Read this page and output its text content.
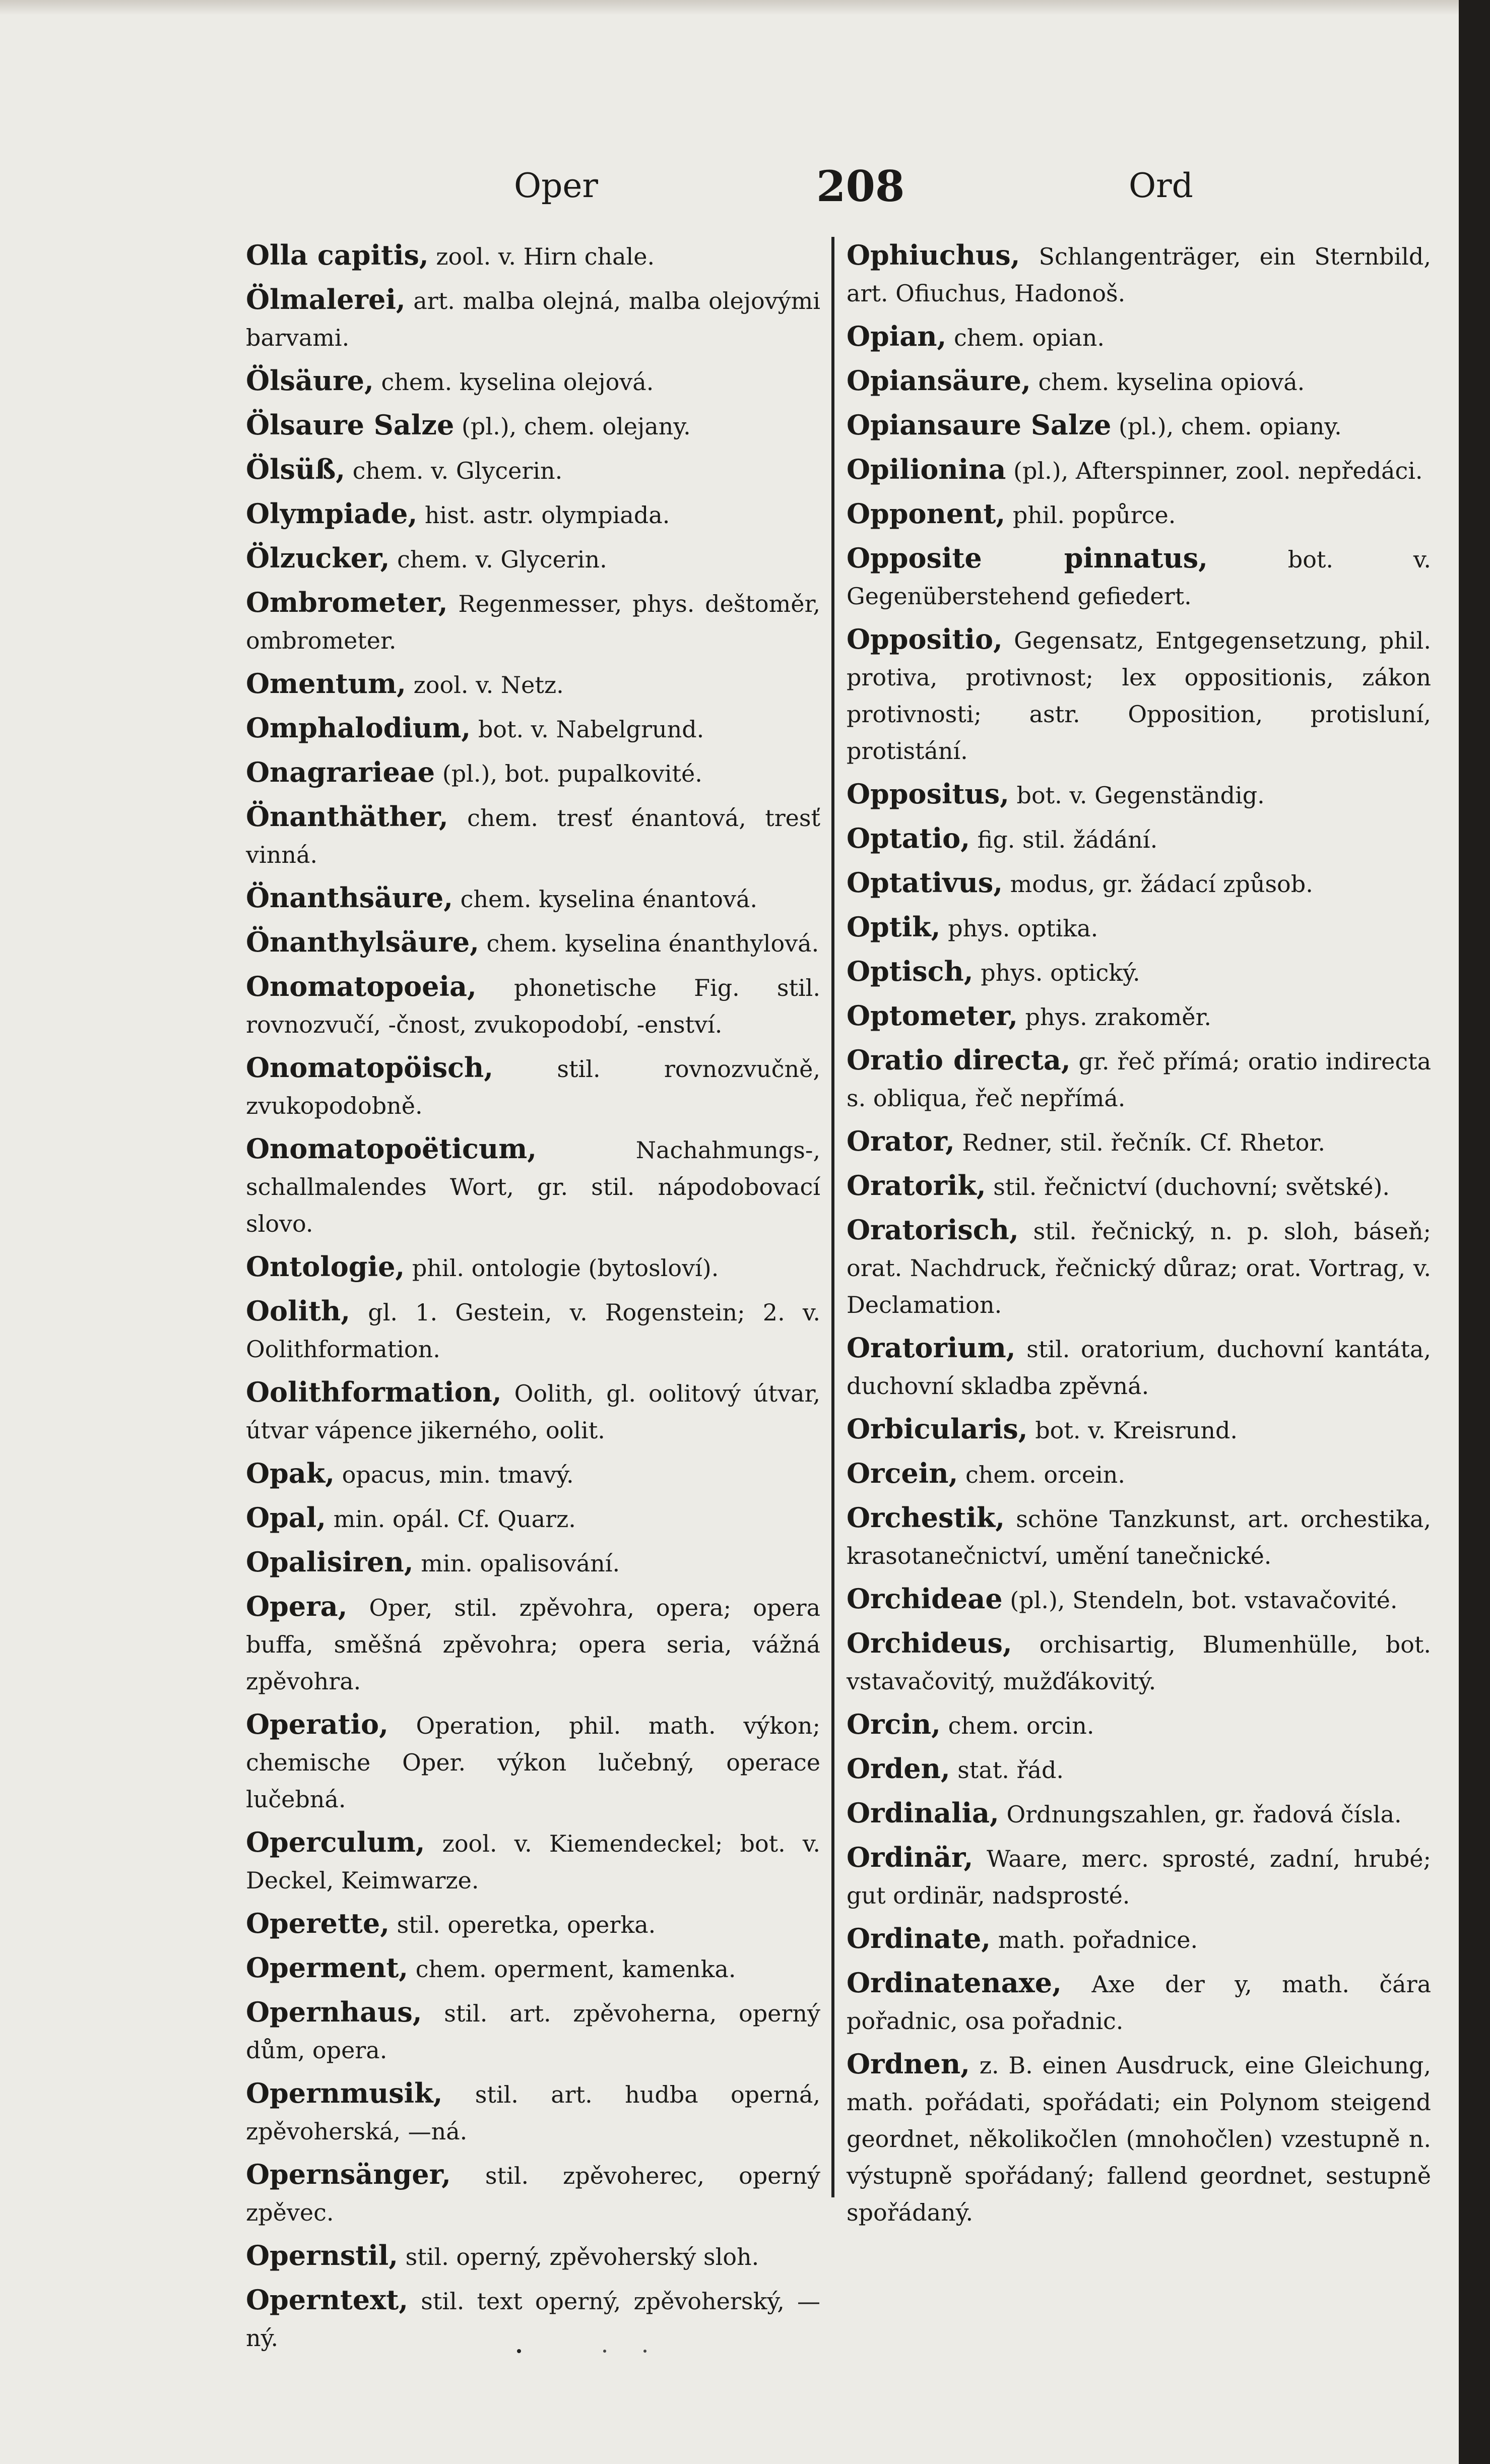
Oper	208	Ord
Olla capitis, zool. v. Hirn chale.
Ölmalerei, art. malba olejná, malba olejovými barvami.
Ölsäure, chem. kyselina olejová.
Ölsaure Salze (pl.), chem. olejany.
Ölsüß, chem. v. Glycerin.
Olympiade, hist. astr. olympiada.
Ölzucker, chem. v. Glycerin.
Ombrometer, Regenmesser, phys. deštoměr, ombrometer.
Omentum, zool. v. Netz.
Omphalodium, bot. v. Nabelgrund.
Onagrarieae (pl.), bot. pupalkovité.
Önanthäther, chem. tresť énantová, tresť vinná.
Önanthsäure, chem. kyselina énantová.
Önanthylsäure, chem. kyselina énanthylová.
Onomatopoeia, phonetische Fig. stil. rovnozvučí, -čnost, zvukopodobí, -enství.
Onomatopöisch,	stil. rovnozvučně, zvukopodobně.
Onomatopoëticum,	Nachahmungs-, schallmalendes Wort, gr. stil. nápodobovací slovo.
Ontologie, phil. ontologie (bytosloví).
Oolith, gl. 1. Gestein, v. Rogenstein; 2. v. Oolithformation.
Oolithformation, Oolith, gl. oolitový útvar, útvar vápence jikerného, oolit.
Opak, opacus, min. tmavý.
Opal, min. opál. Cf. Quarz.
Opalisiren, min. opalisování.
Opera, Oper, stil. zpěvohra, opera; opera buffa, směšná zpěvohra; opera seria, vážná zpěvohra.
Operatio, Operation, phil. math. výkon; chemische Oper. výkon lučebný, operace lučebná.
Operculum, zool. v. Kiemendeckel; bot. v. Deckel, Keimwarze.
Operette, stil. operetka, operka.
Operment, chem. operment, kamenka.
Opernhaus, stil. art. zpěvoherna, operný dům, opera.
Opernmusik, stil. art. hudba operná, zpěvoherská, —ná.
Opernsänger, stil. zpěvoherec, operný zpěvec.
Opernstil, stil. operný, zpěvoherský sloh.
Operntext, stil. text operný, zpěvoherský, —ný.
Ophiuchus, Schlangenträger, ein Sternbild, art. Ofiuchus, Hadonoš.
Opian, chem. opian.
Opiansäure, chem. kyselina opiová.
Opiansaure Salze (pl.), chem. opiany.
Opilionina (pl.), Afterspinner, zool. nepředáci.
Opponent, phil. popůrce.
Opposite pinnatus,	bot. v. Gegenüberstehend gefiedert.
Oppositio, Gegensatz, Entgegensetzung, phil. protiva, protivnost; lex oppositionis, zákon protivnosti; astr. Opposition, protisluní, protistání.
Oppositus, bot. v. Gegenständig.
Optatio, fig. stil. žádání.
Optativus, modus, gr. žádací způsob.
Optik, phys. optika.
Optisch, phys. optický.
Optometer, phys. zrakoměr.
Oratio directa, gr. řeč přímá; oratio indirecta s. obliqua, řeč nepřímá.
Orator, Redner, stil. řečník. Cf. Rhetor.
Oratorik, stil. řečnictví (duchovní; světské).
Oratorisch, stil. řečnický, n. p. sloh, báseň; orat. Nachdruck, řečnický důraz; orat. Vortrag, v. Declamation.
Oratorium, stil. oratorium, duchovní kantáta, duchovní skladba zpěvná.
Orbicularis, bot. v. Kreisrund.
Orcein, chem. orcein.
Orchestik, schöne Tanzkunst, art. orchestika, krasotanečnictví, umění tanečnické.
Orchideae (pl.), Stendeln, bot. vstavačovité.
Orchideus, orchisartig, Blumenhülle, bot. vstavačovitý, mužďákovitý.
Orcin, chem. orcin.
Orden, stat. řád.
Ordinalia, Ordnungszahlen, gr. řadová čísla.
Ordinär, Waare, merc. sprosté, zadní, hrubé; gut ordinär, nadsprosté.
Ordinate, math. pořadnice.
Ordinatenaxe, Axe der y, math. čára pořadnic, osa pořadnic.
Ordnen, z. B. einen Ausdruck, eine Gleichung, math. pořádati, spořádati; ein Polynom steigend geordnet, několikočlen (mnohočlen) vzestupně n. výstupně spořádaný; fallend geordnet, sestupně spořádaný.
